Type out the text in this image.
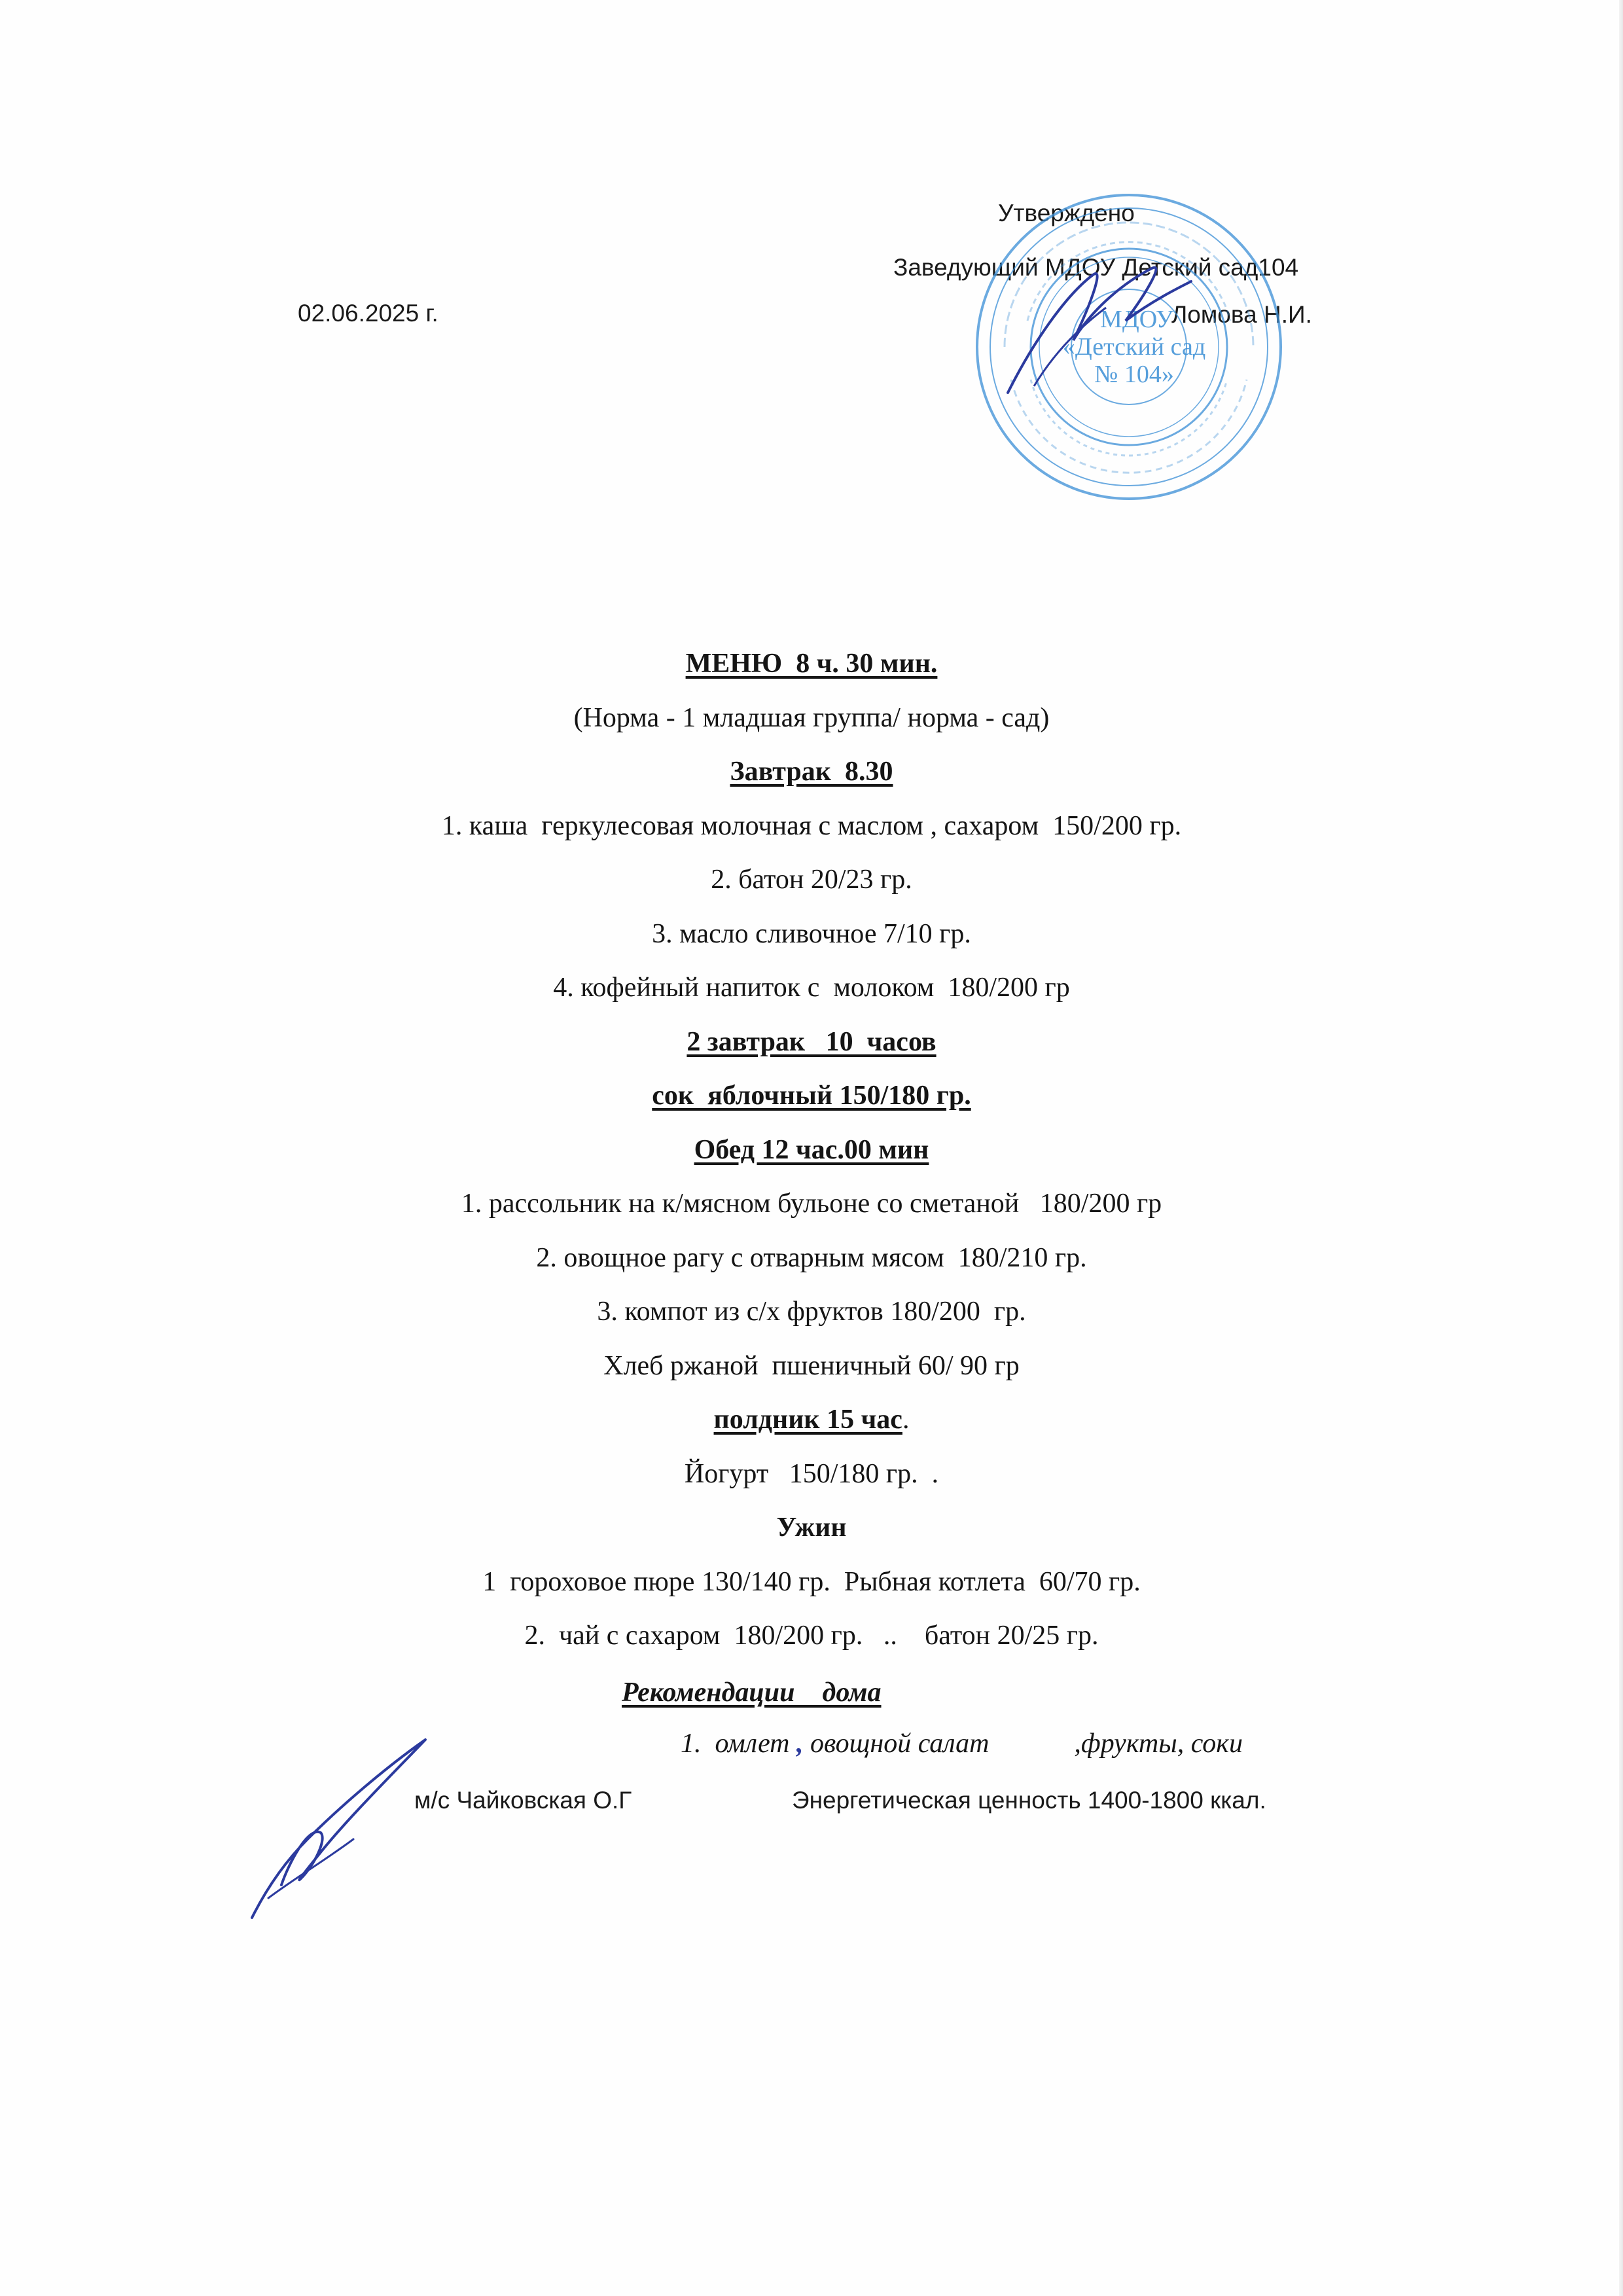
Утверждено
Заведующий МДОУ Детский сад104
Ломова Н.И.
02.06.2025 г.	МДОУ
«Детский сад
№ 104»
МЕНЮ  8 ч. 30 мин.
(Норма - 1 младшая группа/ норма - сад)
Завтрак  8.30
1. каша  геркулесовая молочная с маслом , сахаром  150/200 гр.
2. батон 20/23 гр.
3. масло сливочное 7/10 гр.
4. кофейный напиток с  молоком  180/200 гр
2 завтрак   10  часов
сок  яблочный 150/180 гр.
Обед 12 час.00 мин
1. рассольник на к/мясном бульоне со сметаной   180/200 гр
2. овощное рагу с отварным мясом  180/210 гр.
3. компот из с/х фруктов 180/200  гр.
Хлеб ржаной  пшеничный 60/ 90 гр
полдник 15 час.
Йогурт   150/180 гр.  .
Ужин
1  гороховое пюре 130/140 гр.  Рыбная котлета  60/70 гр.
2.  чай с сахаром  180/200 гр.   ..    батон 20/25 гр.
Рекомендации    дома
1.  омлет , овощной салат	,фрукты, соки
м/с Чайковская О.Г	Энергетическая ценность 1400-1800 ккал.
